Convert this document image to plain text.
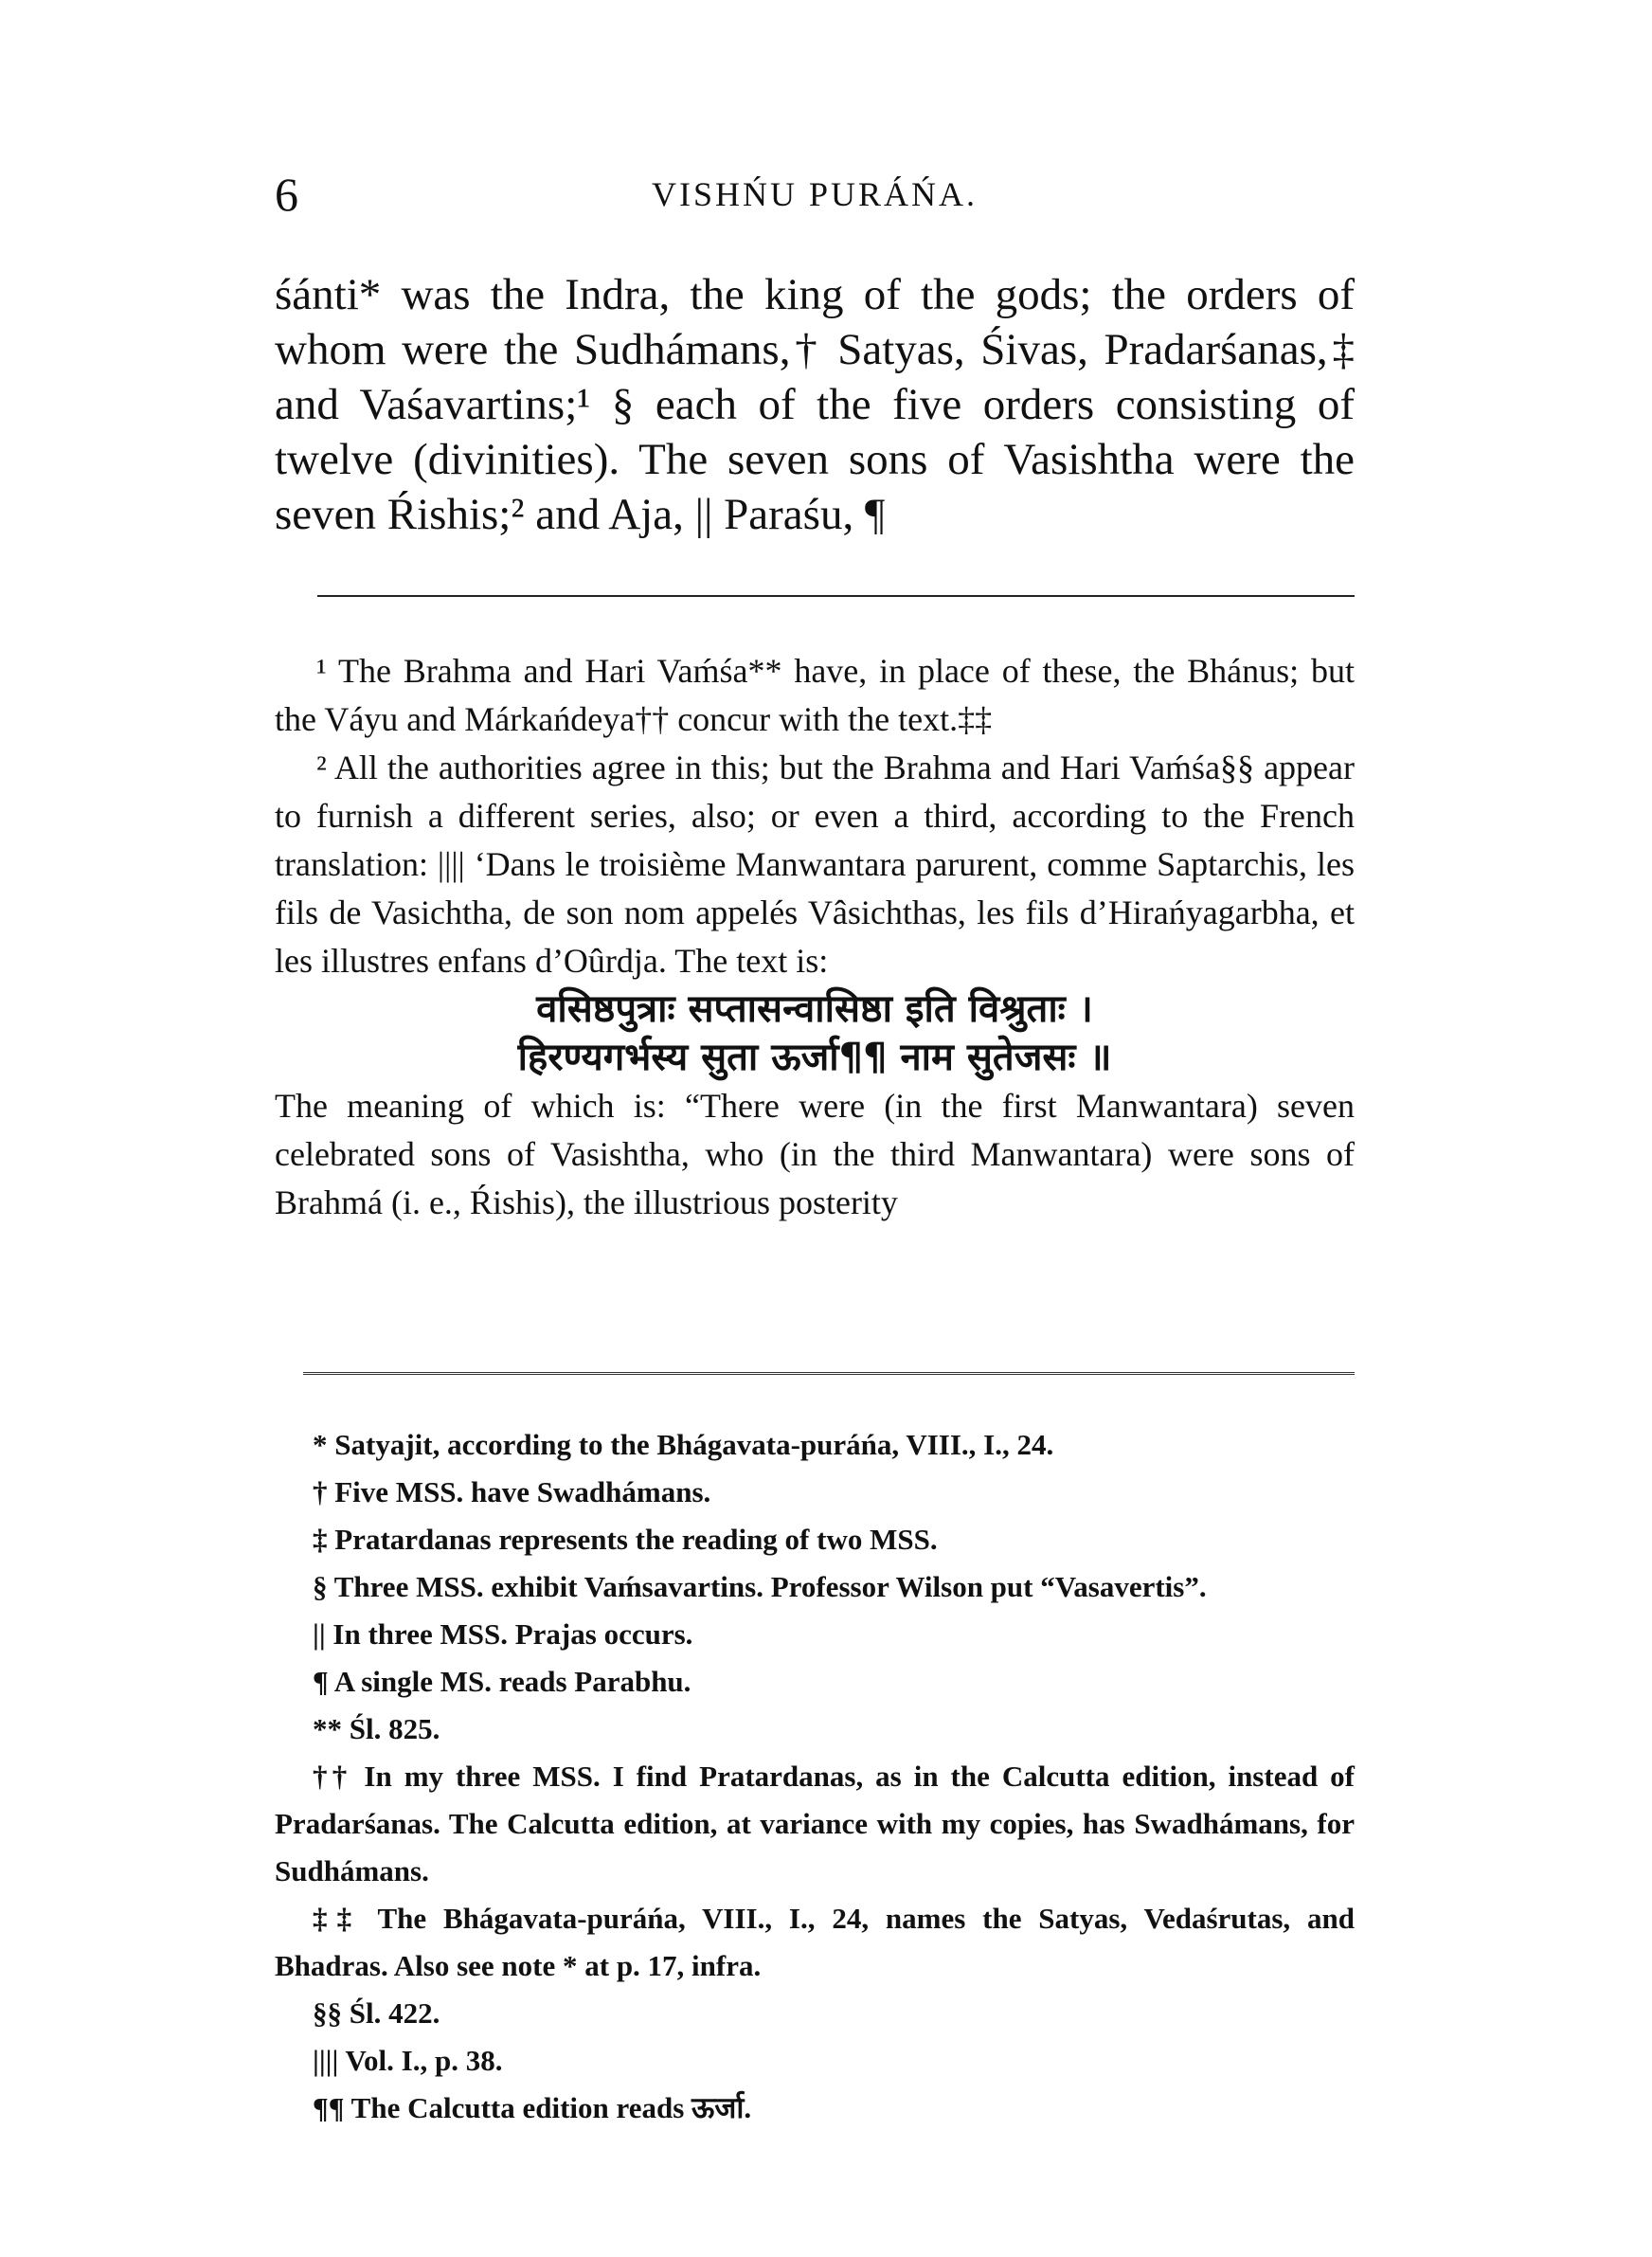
6	VISHŃU PURÁŃA.

śánti* was the Indra, the king of the gods; the orders of whom were the Sudhámans,† Satyas, Śivas, Pradarśanas,‡ and Vaśavartins;¹ § each of the five orders consisting of twelve (divinities). The seven sons of Vasishtha were the seven Ŕishis;² and Aja, || Paraśu, ¶

¹ The Brahma and Hari Vaḿśa** have, in place of these, the Bhánus; but the Váyu and Márkańdeya†† concur with the text.‡‡

² All the authorities agree in this; but the Brahma and Hari Vaḿśa§§ appear to furnish a different series, also; or even a third, according to the French translation: |||| ‘Dans le troisième Manwantara parurent, comme Saptarchis, les fils de Vasichtha, de son nom appelés Vâsichthas, les fils d’Hirańyagarbha, et les illustres enfans d’Oûrdja. The text is:

वसिष्ठपुत्राः सप्तासन्वासिष्ठा इति विश्रुताः ।

हिरण्यगर्भस्य सुता ऊर्जा¶¶ नाम सुतेजसः ॥

The meaning of which is: “There were (in the first Manwantara) seven celebrated sons of Vasishtha, who (in the third Manwantara) were sons of Brahmá (i. e., Ŕishis), the illustrious posterity

* Satyajit, according to the Bhágavata-puráńa, VIII., I., 24.

† Five MSS. have Swadhámans.

‡ Pratardanas represents the reading of two MSS.

§ Three MSS. exhibit Vaḿsavartins. Professor Wilson put “Vasavertis”.

|| In three MSS. Prajas occurs.

¶ A single MS. reads Parabhu.

** Śl. 825.

†† In my three MSS. I find Pratardanas, as in the Calcutta edition, instead of Pradarśanas. The Calcutta edition, at variance with my copies, has Swadhámans, for Sudhámans.

‡‡ The Bhágavata-puráńa, VIII., I., 24, names the Satyas, Vedaśrutas, and Bhadras. Also see note * at p. 17, infra.

§§ Śl. 422.

|||| Vol. I., p. 38.

¶¶ The Calcutta edition reads ऊर्जा.
